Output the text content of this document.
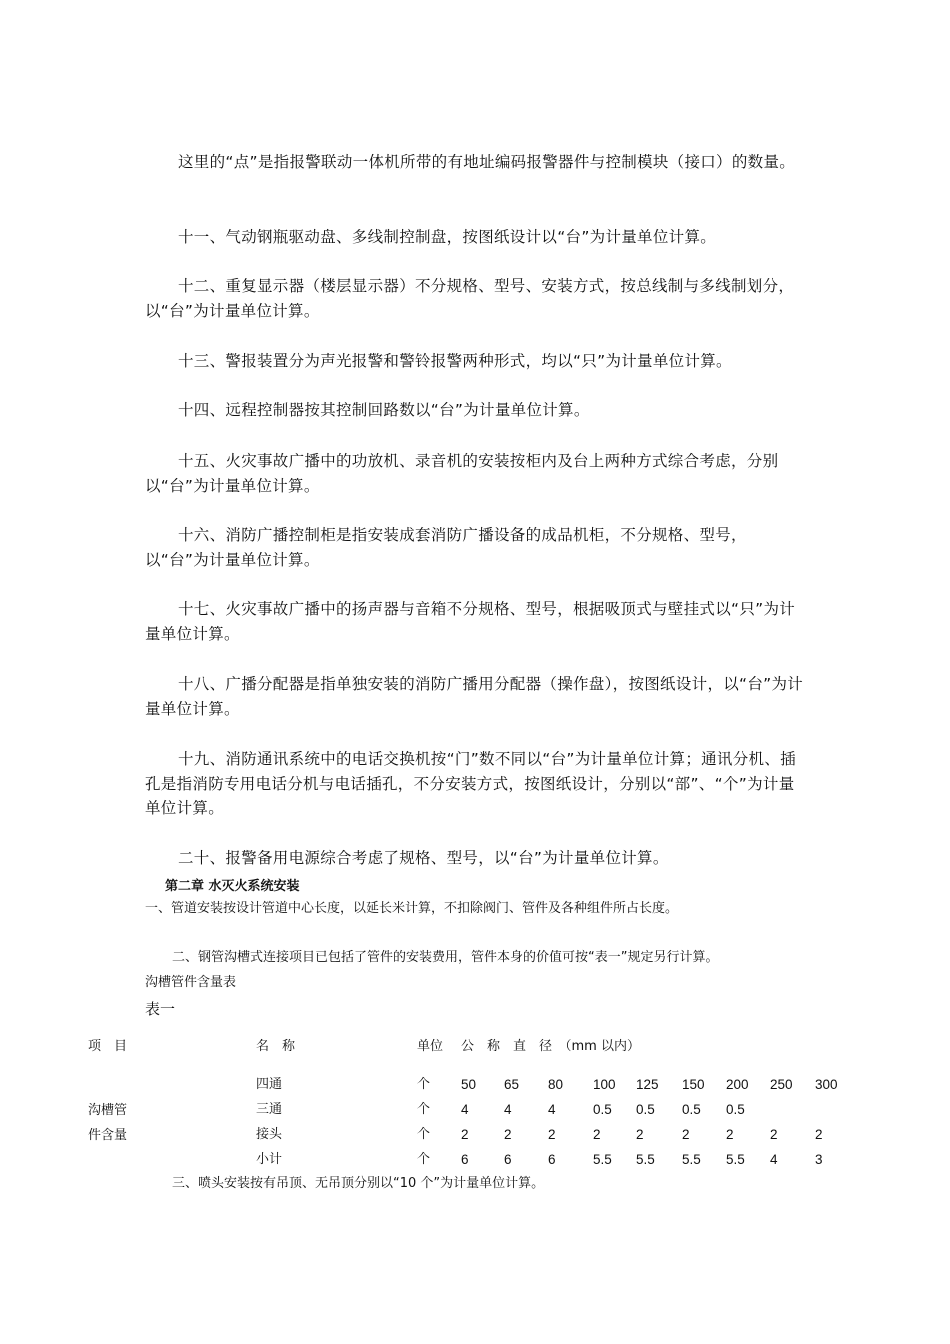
这里的“点”是指报警联动一体机所带的有地址编码报警器件与控制模块（接口）的数量。
十一、气动钢瓶驱动盘、多线制控制盘，按图纸设计以“台”为计量单位计算。
十二、重复显示器（楼层显示器）不分规格、型号、安装方式，按总线制与多线制划分，以“台”为计量单位计算。
十三、警报装置分为声光报警和警铃报警两种形式，均以“只”为计量单位计算。
十四、远程控制器按其控制回路数以“台”为计量单位计算。
十五、火灾事故广播中的功放机、录音机的安装按柜内及台上两种方式综合考虑，分别以“台”为计量单位计算。
十六、消防广播控制柜是指安装成套消防广播设备的成品机柜，不分规格、型号，以“台”为计量单位计算。
十七、火灾事故广播中的扬声器与音箱不分规格、型号，根据吸顶式与壁挂式以“只”为计量单位计算。
十八、广播分配器是指单独安装的消防广播用分配器（操作盘），按图纸设计，以“台”为计量单位计算。
十九、消防通讯系统中的电话交换机按“门”数不同以“台”为计量单位计算；通讯分机、插孔是指消防专用电话分机与电话插孔，不分安装方式，按图纸设计，分别以“部”、“个”为计量单位计算。
二十、报警备用电源综合考虑了规格、型号，以“台”为计量单位计算。
第二章 水灭火系统安装
一、管道安装按设计管道中心长度，以延长米计算，不扣除阀门、管件及各种组件所占长度。
二、钢管沟槽式连接项目已包括了管件的安装费用，管件本身的价值可按“表一”规定另行计算。
沟槽管件含量表
表一
项　目	名　称	单位 公　称　直　径　（mm 以内）
沟槽管
件含量
四通	个 50 65 80 100 125 150 200 250 300
三通	个 4	4	4	0.5 0.5 0.5 0.5
接头	个 2	2	2	2	2	2	2	2	2
小计	个 6	6	6	5.5 5.5 5.5 5.5 4	3
三、喷头安装按有吊顶、无吊顶分别以“10 个”为计量单位计算。
